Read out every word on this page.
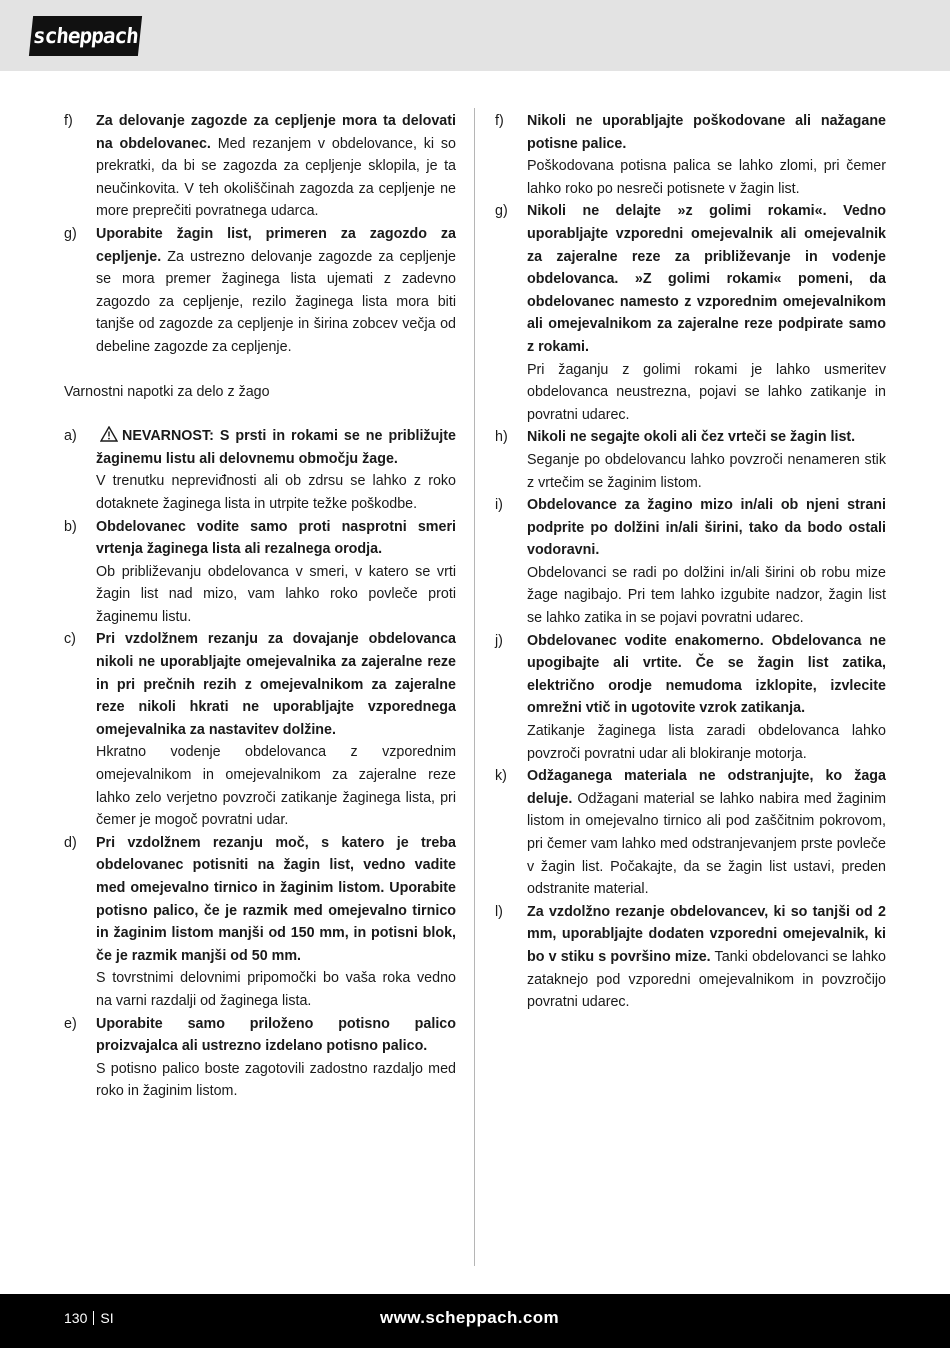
scheppach
f) Za delovanje zagozde za cepljenje mora ta delovati na obdelovanec. Med rezanjem v obdelovance, ki so prekratki, da bi se zagozda za cepljenje sklopila, je ta neučinkovita. V teh okoliščinah zagozda za cepljenje ne more preprečiti povratnega udarca.

g) Uporabite žagin list, primeren za zagozdo za cepljenje. Za ustrezno delovanje zagozde za cepljenje se mora premer žaginega lista ujemati z zadevno zagozdo za cepljenje, rezilo žaginega lista mora biti tanjše od zagozde za cepljenje in širina zobcev večja od debeline zagozde za cepljenje.

Varnostni napotki za delo z žago
a)	NEVARNOST: S prsti in rokami se ne približujte žaginemu listu ali delovnemu območju žage.

V trenutku nepreviđnosti ali ob zdrsu se lahko z roko dotaknete žaginega lista in utrpite težke poškodbe.

b) Obdelovanec vodite samo proti nasprotni smeri vrtenja žaginega lista ali rezalnega orodja.

Ob približevanju obdelovanca v smeri, v katero se vrti žagin list nad mizo, vam lahko roko povleče proti žaginemu listu.

c) Pri vzdolžnem rezanju za dovajanje obdelovanca nikoli ne uporabljajte omejevalnika za zajeralne reze in pri prečnih rezih z omejevalnikom za zajeralne reze nikoli hkrati ne uporabljajte vzporednega omejevalnika za nastavitev dolžine.

Hkratno vodenje obdelovanca z vzporednim omejevalnikom in omejevalnikom za zajeralne reze lahko zelo verjetno povzroči zatikanje žaginega lista, pri čemer je mogoč povratni udar.

d) Pri vzdolžnem rezanju moč, s katero je treba obdelovanec potisniti na žagin list, vedno vadite med omejevalno tirnico in žaginim listom. Uporabite potisno palico, če je razmik med omejevalno tirnico in žaginim listom manjši od 150 mm, in potisni blok, če je razmik manjši od 50 mm.

S tovrstnimi delovnimi pripomočki bo vaša roka vedno na varni razdalji od žaginega lista.

e) Uporabite samo priloženo potisno palico proizvajalca ali ustrezno izdelano potisno palico.

S potisno palico boste zagotovili zadostno razdaljo med roko in žaginim listom.

f) Nikoli ne uporabljajte poškodovane ali nažagane potisne palice.

Poškodovana potisna palica se lahko zlomi, pri čemer lahko roko po nesreči potisnete v žagin list.

g) Nikoli ne delajte »z golimi rokami«. Vedno uporabljajte vzporedni omejevalnik ali omejevalnik za zajeralne reze za približevanje in vodenje obdelovanca. »Z golimi rokami« pomeni, da obdelovanec namesto z vzporednim omejevalnikom ali omejevalnikom za zajeralne reze podpirate samo z rokami.

Pri žaganju z golimi rokami je lahko usmeritev obdelovanca neustrezna, pojavi se lahko zatikanje in povratni udarec.

h) Nikoli ne segajte okoli ali čez vrteči se žagin list.

Seganje po obdelovancu lahko povzroči nenameren stik z vrtečim se žaginim listom.

i) Obdelovance za žagino mizo in/ali ob njeni strani podprite po dolžini in/ali širini, tako da bodo ostali vodoravni.

Obdelovanci se radi po dolžini in/ali širini ob robu mize žage nagibajo. Pri tem lahko izgubite nadzor, žagin list se lahko zatika in se pojavi povratni udarec.

j) Obdelovanec vodite enakomerno. Obdelovanca ne upogibajte ali vrtite. Če se žagin list zatika, električno orodje nemudoma izklopite, izvlecite omrežni vtič in ugotovite vzrok zatikanja.

Zatikanje žaginega lista zaradi obdelovanca lahko povzroči povratni udar ali blokiranje motorja.

k) Odžaganega materiala ne odstranjujte, ko žaga deluje. Odžagani material se lahko nabira med žaginim listom in omejevalno tirnico ali pod zaščitnim pokrovom, pri čemer vam lahko med odstranjevanjem prste povleče v žagin list. Počakajte, da se žagin list ustavi, preden odstranite material.

l) Za vzdolžno rezanje obdelovancev, ki so tanjši od 2 mm, uporabljajte dodaten vzporedni omejevalnik, ki bo v stiku s površino mize. Tanki obdelovanci se lahko zataknejo pod vzporedni omejevalnikom in povzročijo povratni udarec.

130 SI	www.scheppach.com
